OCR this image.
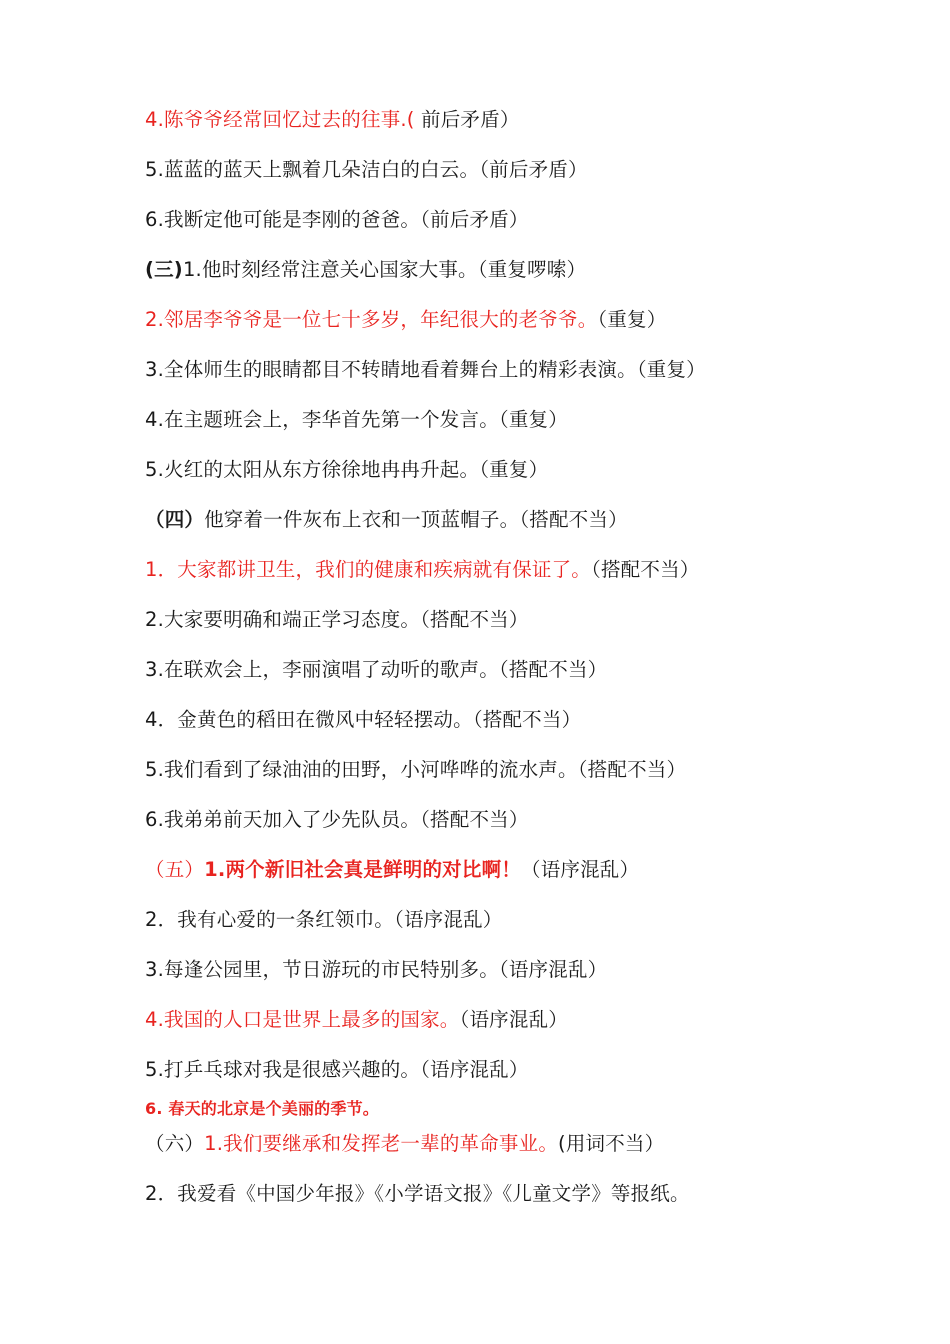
4.陈爷爷经常回忆过去的往事.( 前后矛盾）
5.蓝蓝的蓝天上飘着几朵洁白的白云。（前后矛盾）
6.我断定他可能是李刚的爸爸。（前后矛盾）
(三)1.他时刻经常注意关心国家大事。（重复啰嗦）
2.邻居李爷爷是一位七十多岁，年纪很大的老爷爷。（重复）
3.全体师生的眼睛都目不转睛地看着舞台上的精彩表演。（重复）
4.在主题班会上，李华首先第一个发言。（重复）
5.火红的太阳从东方徐徐地冉冉升起。（重复）
（四）他穿着一件灰布上衣和一顶蓝帽子。（搭配不当）
1．大家都讲卫生，我们的健康和疾病就有保证了。（搭配不当）
2.大家要明确和端正学习态度。（搭配不当）
3.在联欢会上，李丽演唱了动听的歌声。（搭配不当）
4．金黄色的稻田在微风中轻轻摆动。（搭配不当）
5.我们看到了绿油油的田野，小河哗哗的流水声。（搭配不当）
6.我弟弟前天加入了少先队员。（搭配不当）
（五）1.两个新旧社会真是鲜明的对比啊！（语序混乱）
2．我有心爱的一条红领巾。（语序混乱）
3.每逢公园里，节日游玩的市民特别多。（语序混乱）
4.我国的人口是世界上最多的国家。（语序混乱）
5.打乒乓球对我是很感兴趣的。（语序混乱）
6. 春天的北京是个美丽的季节。
（六）1.我们要继承和发挥老一辈的革命事业。(用词不当）
2．我爱看《中国少年报》《小学语文报》《儿童文学》等报纸。
